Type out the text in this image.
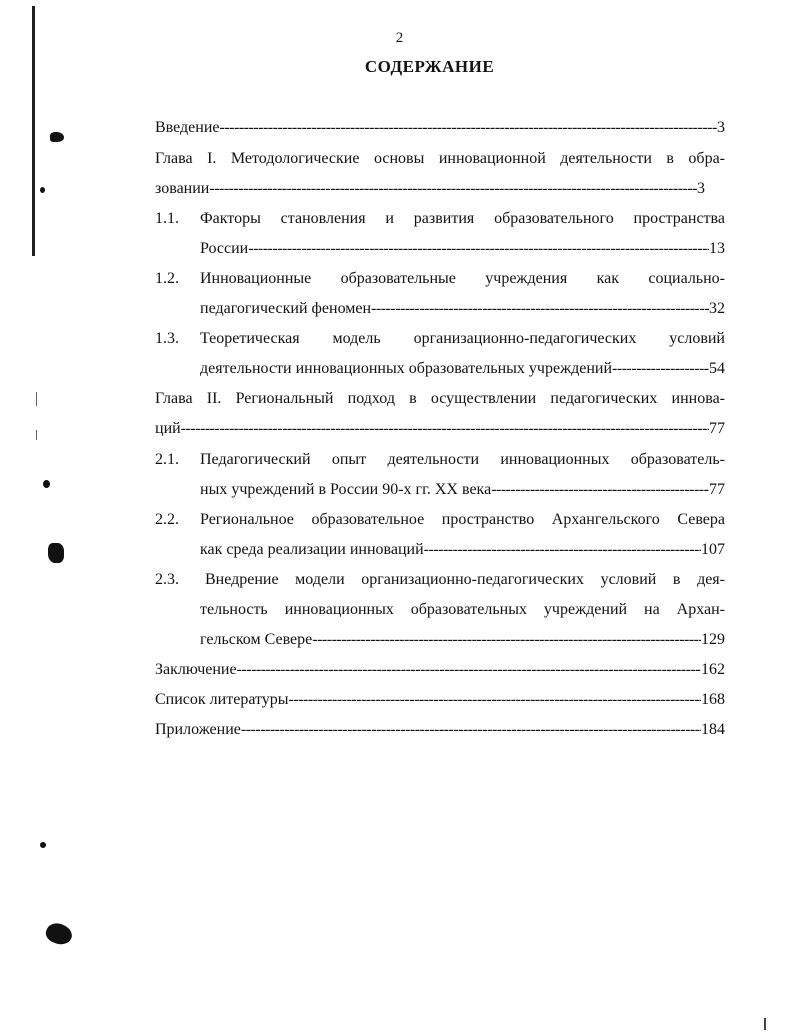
2
СОДЕРЖАНИЕ
Введение -----	3
Глава I. Методологические основы инновационной деятельности в обра-
зовании -----	3
1.1. Факторы становления и развития образовательного пространства
России -----	13
1.2. Инновационные образовательные учреждения как социально-
педагогический феномен -----	32
1.3. Теоретическая модель организационно-педагогических условий
деятельности инновационных образовательных учреждений -----	54
Глава II. Региональный подход в осуществлении педагогических иннова-
ций -----	77
2.1. Педагогический опыт деятельности инновационных образователь-
ных учреждений в России 90-х гг. XX века -----	77
2.2. Региональное образовательное пространство Архангельского Севера
как среда реализации инноваций -----	107
2.3. Внедрение модели организационно-педагогических условий в дея-
тельность инновационных образовательных учреждений на Архан-
гельском Севере -----	129
Заключение -----	162
Список литературы -----	168
Приложение -----	184
